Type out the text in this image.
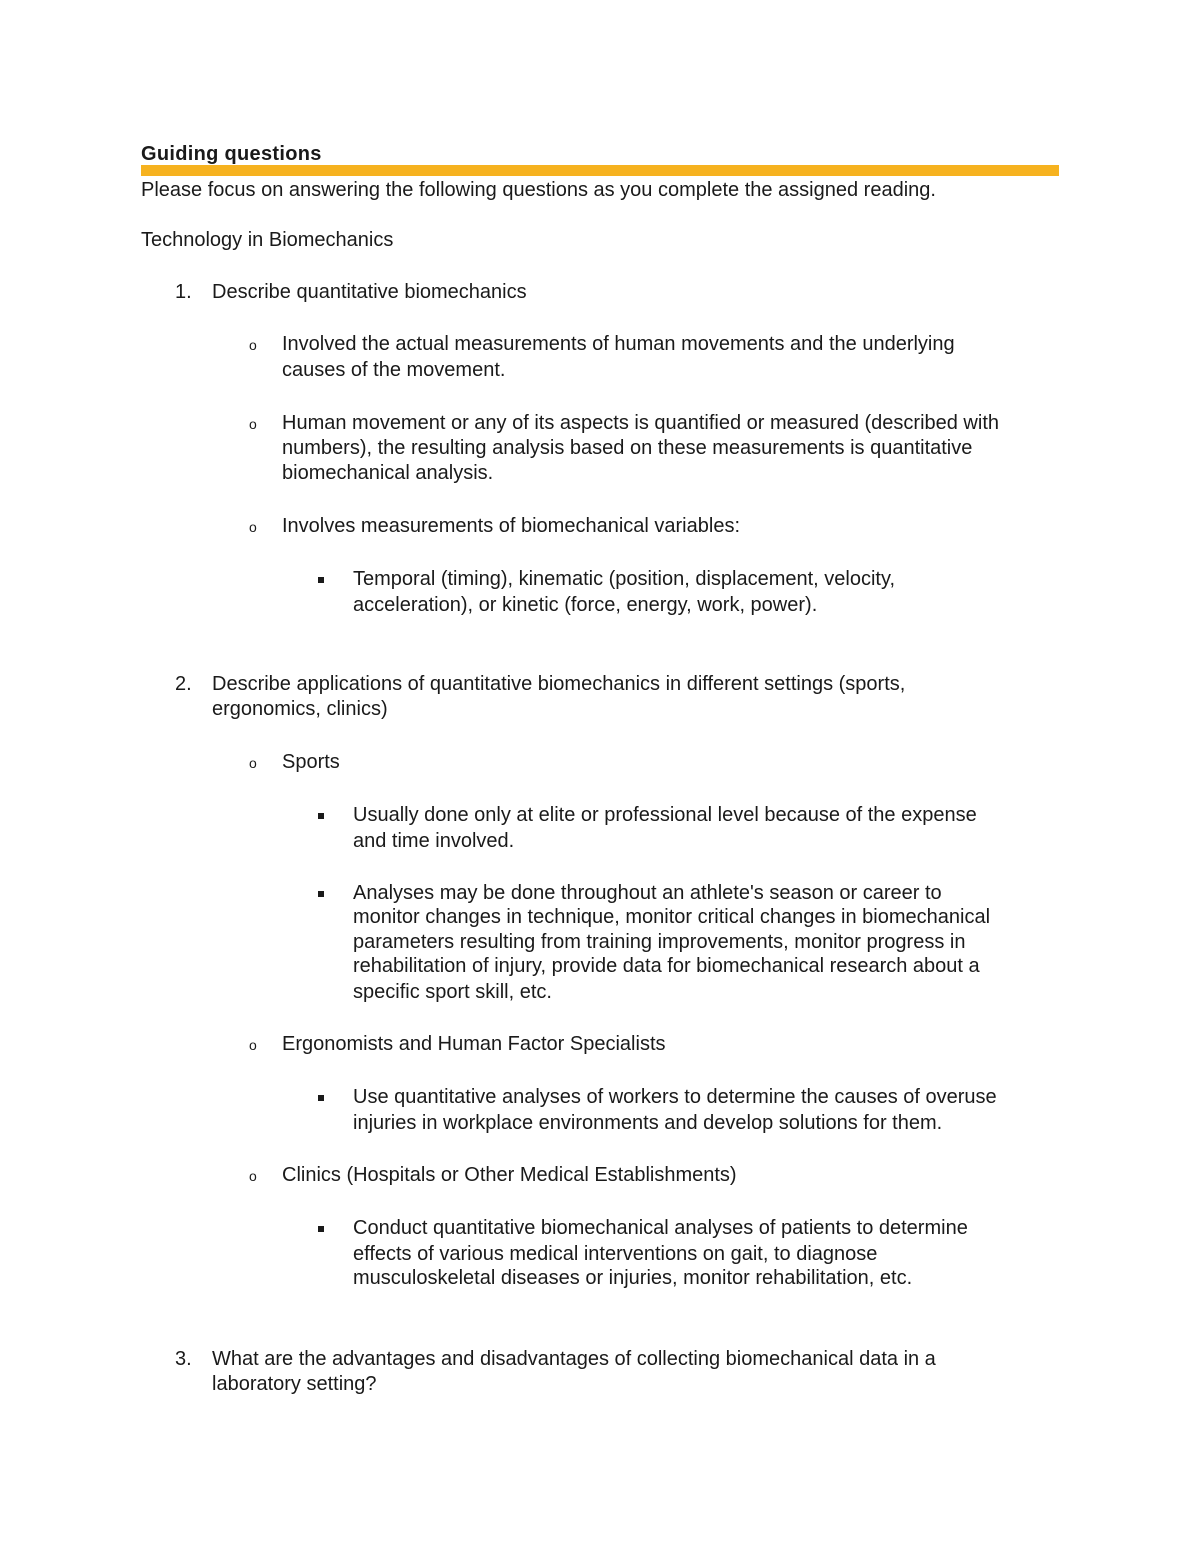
Guiding questions
Please focus on answering the following questions as you complete the assigned reading.
Technology in Biomechanics
1. Describe quantitative biomechanics
o Involved the actual measurements of human movements and the underlying
causes of the movement.
o Human movement or any of its aspects is quantified or measured (described with
numbers), the resulting analysis based on these measurements is quantitative
biomechanical analysis.
o Involves measurements of biomechanical variables:
Temporal (timing), kinematic (position, displacement, velocity,
acceleration), or kinetic (force, energy, work, power).
2. Describe applications of quantitative biomechanics in different settings (sports,
ergonomics, clinics)
o Sports
Usually done only at elite or professional level because of the expense
and time involved.
Analyses may be done throughout an athlete's season or career to
monitor changes in technique, monitor critical changes in biomechanical
parameters resulting from training improvements, monitor progress in
rehabilitation of injury, provide data for biomechanical research about a
specific sport skill, etc.
o Ergonomists and Human Factor Specialists
Use quantitative analyses of workers to determine the causes of overuse
injuries in workplace environments and develop solutions for them.
o Clinics (Hospitals or Other Medical Establishments)
Conduct quantitative biomechanical analyses of patients to determine
effects of various medical interventions on gait, to diagnose
musculoskeletal diseases or injuries, monitor rehabilitation, etc.
3. What are the advantages and disadvantages of collecting biomechanical data in a
laboratory setting?
